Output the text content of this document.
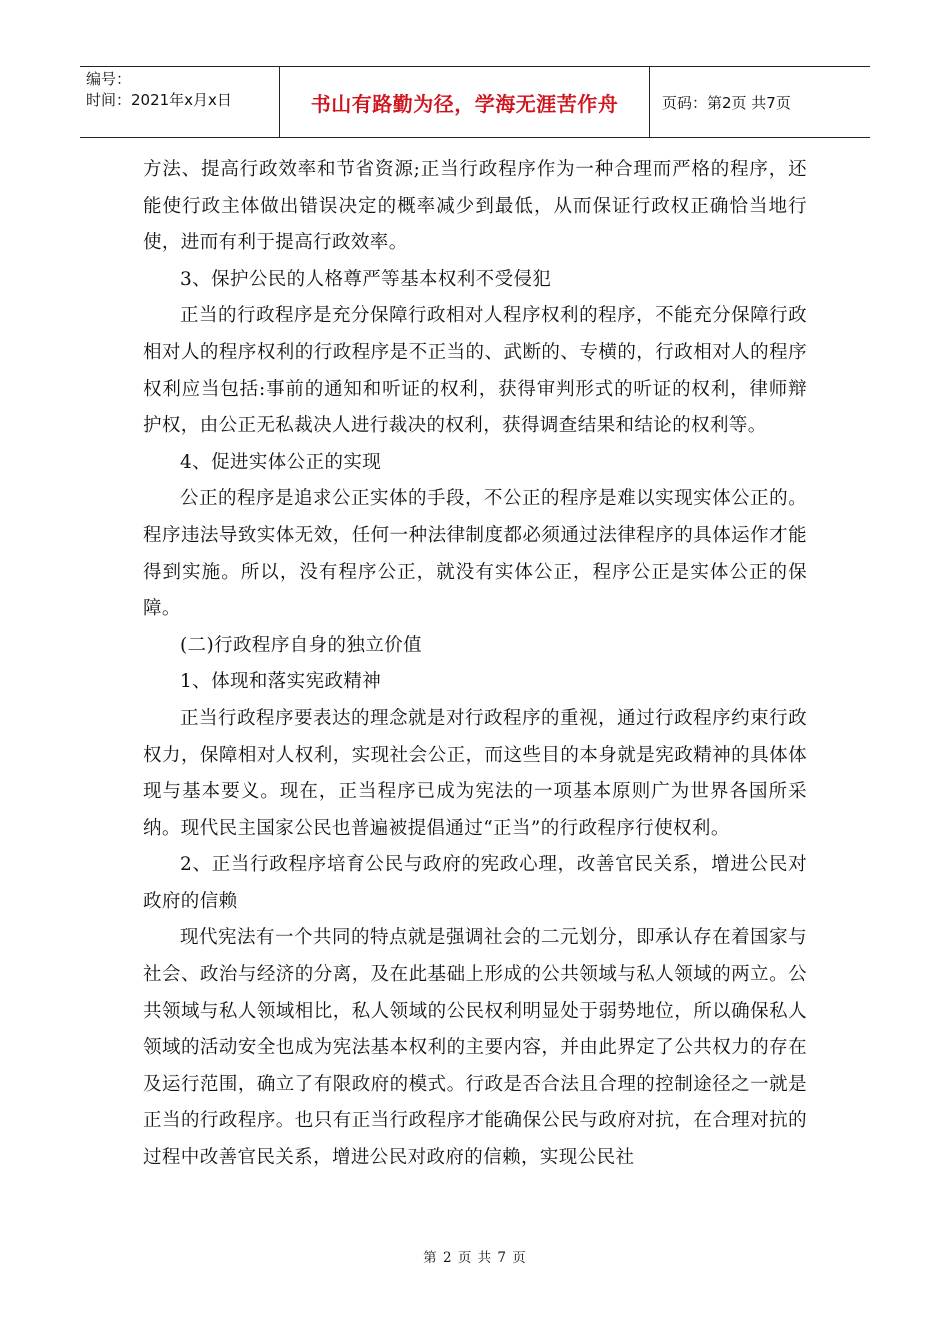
编号：
时间：2021年x月x日	书山有路勤为径，学海无涯苦作舟	页码：第2页 共7页

方法、提高行政效率和节省资源;正当行政程序作为一种合理而严格的程序，还能使行政主体做出错误决定的概率减少到最低，从而保证行政权正确恰当地行使，进而有利于提高行政效率。

3、保护公民的人格尊严等基本权利不受侵犯

正当的行政程序是充分保障行政相对人程序权利的程序，不能充分保障行政相对人的程序权利的行政程序是不正当的、武断的、专横的，行政相对人的程序权利应当包括:事前的通知和听证的权利，获得审判形式的听证的权利，律师辩护权，由公正无私裁决人进行裁决的权利，获得调查结果和结论的权利等。

4、促进实体公正的实现

公正的程序是追求公正实体的手段，不公正的程序是难以实现实体公正的。程序违法导致实体无效，任何一种法律制度都必须通过法律程序的具体运作才能得到实施。所以，没有程序公正，就没有实体公正，程序公正是实体公正的保障。

(二)行政程序自身的独立价值

1、体现和落实宪政精神

正当行政程序要表达的理念就是对行政程序的重视，通过行政程序约束行政权力，保障相对人权利，实现社会公正，而这些目的本身就是宪政精神的具体体现与基本要义。现在，正当程序已成为宪法的一项基本原则广为世界各国所采纳。现代民主国家公民也普遍被提倡通过“正当”的行政程序行使权利。

2、正当行政程序培育公民与政府的宪政心理，改善官民关系，增进公民对政府的信赖

现代宪法有一个共同的特点就是强调社会的二元划分，即承认存在着国家与社会、政治与经济的分离，及在此基础上形成的公共领域与私人领域的两立。公共领域与私人领域相比，私人领域的公民权利明显处于弱势地位，所以确保私人领域的活动安全也成为宪法基本权利的主要内容，并由此界定了公共权力的存在及运行范围，确立了有限政府的模式。行政是否合法且合理的控制途径之一就是正当的行政程序。也只有正当行政程序才能确保公民与政府对抗，在合理对抗的过程中改善官民关系，增进公民对政府的信赖，实现公民社

第 2 页 共 7 页
